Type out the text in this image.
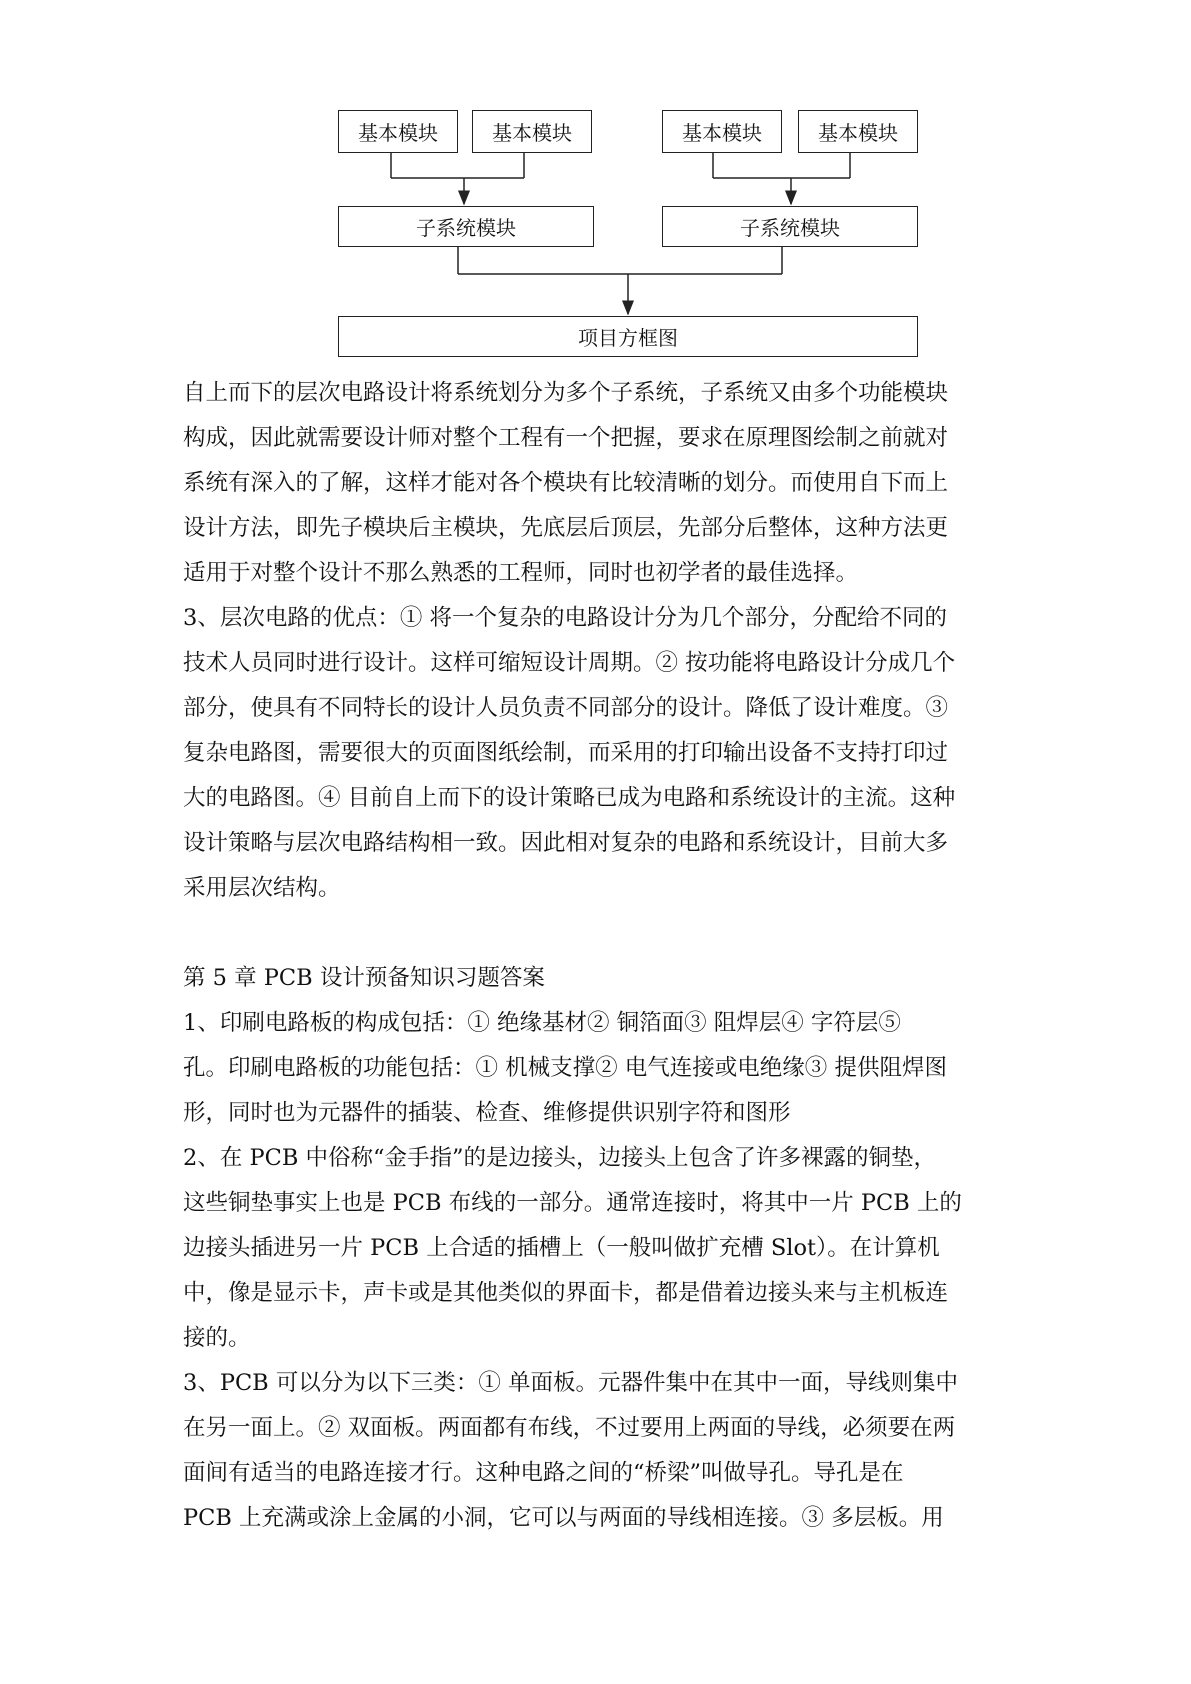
基本模块	基本模块	基本模块	基本模块
子系统模块	子系统模块
项目方框图

自上而下的层次电路设计将系统划分为多个子系统，子系统又由多个功能模块

构成，因此就需要设计师对整个工程有一个把握，要求在原理图绘制之前就对

系统有深入的了解，这样才能对各个模块有比较清晰的划分。而使用自下而上

设计方法，即先子模块后主模块，先底层后顶层，先部分后整体，这种方法更

适用于对整个设计不那么熟悉的工程师，同时也初学者的最佳选择。

3、层次电路的优点：① 将一个复杂的电路设计分为几个部分，分配给不同的

技术人员同时进行设计。这样可缩短设计周期。② 按功能将电路设计分成几个

部分，使具有不同特长的设计人员负责不同部分的设计。降低了设计难度。③

复杂电路图，需要很大的页面图纸绘制，而采用的打印输出设备不支持打印过

大的电路图。④ 目前自上而下的设计策略已成为电路和系统设计的主流。这种

设计策略与层次电路结构相一致。因此相对复杂的电路和系统设计，目前大多

采用层次结构。

第 5 章 PCB 设计预备知识习题答案

1、印刷电路板的构成包括：① 绝缘基材② 铜箔面③ 阻焊层④ 字符层⑤

孔。印刷电路板的功能包括：① 机械支撑② 电气连接或电绝缘③ 提供阻焊图

形，同时也为元器件的插装、检查、维修提供识别字符和图形

2、在 PCB 中俗称“金手指”的是边接头，边接头上包含了许多裸露的铜垫，

这些铜垫事实上也是 PCB 布线的一部分。通常连接时，将其中一片 PCB 上的

边接头插进另一片 PCB 上合适的插槽上（一般叫做扩充槽 Slot）。在计算机

中，像是显示卡，声卡或是其他类似的界面卡，都是借着边接头来与主机板连

接的。

3、PCB 可以分为以下三类：① 单面板。元器件集中在其中一面，导线则集中

在另一面上。② 双面板。两面都有布线，不过要用上两面的导线，必须要在两

面间有适当的电路连接才行。这种电路之间的“桥梁”叫做导孔。导孔是在

PCB 上充满或涂上金属的小洞，它可以与两面的导线相连接。③ 多层板。用
